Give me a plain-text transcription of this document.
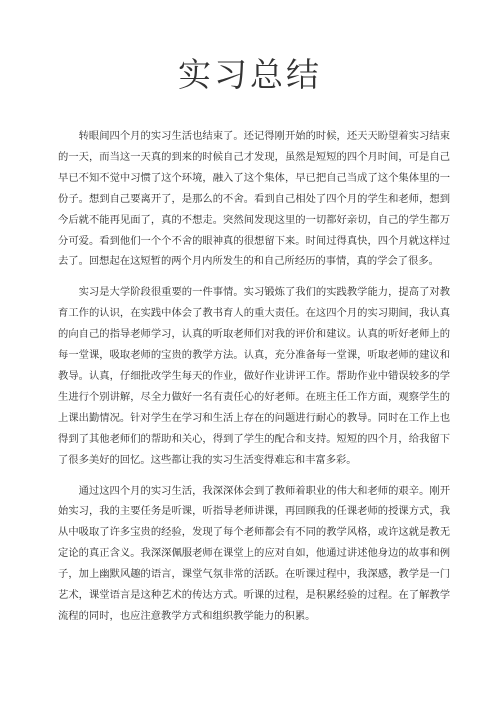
实习总结

转眼间四个月的实习生活也结束了。还记得刚开始的时候，还天天盼望着实习结束的一天，而当这一天真的到来的时候自己才发现，虽然是短短的四个月时间，可是自己早已不知不觉中习惯了这个环境，融入了这个集体，早已把自己当成了这个集体里的一份子。想到自己要离开了，是那么的不舍。看到自己相处了四个月的学生和老师，想到今后就不能再见面了，真的不想走。突然间发现这里的一切都好亲切，自己的学生都万分可爱。看到他们一个个不舍的眼神真的很想留下来。时间过得真快，四个月就这样过去了。回想起在这短暂的两个月内所发生的和自己所经历的事情，真的学会了很多。

实习是大学阶段很重要的一件事情。实习锻炼了我们的实践教学能力，提高了对教育工作的认识，在实践中体会了教书育人的重大责任。在这四个月的实习期间，我认真的向自己的指导老师学习，认真的听取老师们对我的评价和建议。认真的听好老师上的每一堂课，吸取老师的宝贵的教学方法。认真，充分准备每一堂课，听取老师的建议和教导。认真，仔细批改学生每天的作业，做好作业讲评工作。帮助作业中错误较多的学生进行个别讲解，尽全力做好一名有责任心的好老师。在班主任工作方面，观察学生的上课出勤情况。针对学生在学习和生活上存在的问题进行耐心的教导。同时在工作上也得到了其他老师们的帮助和关心，得到了学生的配合和支持。短短的四个月，给我留下了很多美好的回忆。这些都让我的实习生活变得难忘和丰富多彩。

通过这四个月的实习生活，我深深体会到了教师着职业的伟大和老师的艰辛。刚开始实习，我的主要任务是听课，听指导老师讲课，再回顾我的任课老师的授课方式，我从中吸取了许多宝贵的经验，发现了每个老师都会有不同的教学风格，或许这就是教无定论的真正含义。我深深佩服老师在课堂上的应对自如，他通过讲述他身边的故事和例子，加上幽默风趣的语言，课堂气氛非常的活跃。在听课过程中，我深感，教学是一门艺术，课堂语言是这种艺术的传达方式。听课的过程，是积累经验的过程。在了解教学流程的同时，也应注意教学方式和组织教学能力的积累。
